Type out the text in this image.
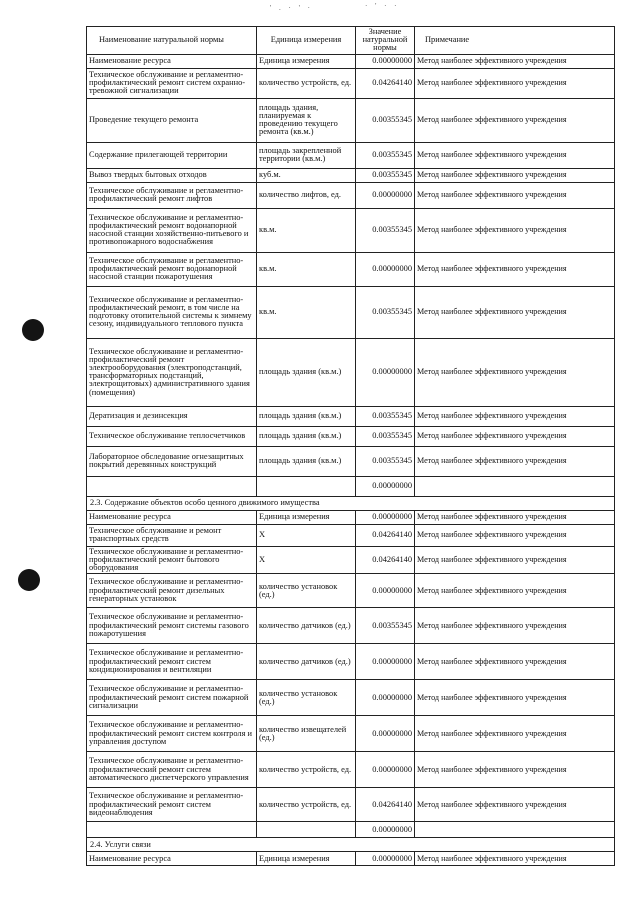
' . · ' ·	· ' · ·
Наименование натуральной нормы	Единица измерения	Значение натуральной нормы	Примечание
Наименование ресурса	Единица измерения	0.00000000	Метод наиболее эффективного учреждения
Техническое обслуживание и регламентно-профилактический ремонт систем охранно-тревожной сигнализации	количество устройств, ед.	0.04264140	Метод наиболее эффективного учреждения
Проведение текущего ремонта	площадь здания, планируемая к проведению текущего ремонта (кв.м.)	0.00355345	Метод наиболее эффективного учреждения
Содержание прилегающей территории	площадь закрепленной территории (кв.м.)	0.00355345	Метод наиболее эффективного учреждения
Вывоз твердых бытовых отходов	куб.м.	0.00355345	Метод наиболее эффективного учреждения
Техническое обслуживание и регламентно-профилактический ремонт лифтов	количество лифтов, ед.	0.00000000	Метод наиболее эффективного учреждения
Техническое обслуживание и регламентно-профилактический ремонт водонапорной насосной станции хозяйственно-питьевого и противопожарного водоснабжения	кв.м.	0.00355345	Метод наиболее эффективного учреждения
Техническое обслуживание и регламентно-профилактический ремонт водонапорной насосной станции пожаротушения	кв.м.	0.00000000	Метод наиболее эффективного учреждения
Техническое обслуживание и регламентно-профилактический ремонт, в том числе на подготовку отопительной системы к зимнему сезону, индивидуального теплового пункта	кв.м.	0.00355345	Метод наиболее эффективного учреждения
Техническое обслуживание и регламентно-профилактический ремонт электрооборудования (электроподстанций, трансформаторных подстанций, электрощитовых) административного здания (помещения)	площадь здания (кв.м.)	0.00000000	Метод наиболее эффективного учреждения
Дератизация и дезинсекция	площадь здания (кв.м.)	0.00355345	Метод наиболее эффективного учреждения
Техническое обслуживание теплосчетчиков	площадь здания (кв.м.)	0.00355345	Метод наиболее эффективного учреждения
Лабораторное обследование огнезащитных покрытий деревянных конструкций	площадь здания (кв.м.)	0.00355345	Метод наиболее эффективного учреждения
		0.00000000	
2.3. Содержание объектов особо ценного движимого имущества			
Наименование ресурса	Единица измерения	0.00000000	Метод наиболее эффективного учреждения
Техническое обслуживание и ремонт транспортных средств	X	0.04264140	Метод наиболее эффективного учреждения
Техническое обслуживание и регламентно-профилактический ремонт бытового оборудования	X	0.04264140	Метод наиболее эффективного учреждения
Техническое обслуживание и регламентно-профилактический ремонт дизельных генераторных установок	количество установок (ед.)	0.00000000	Метод наиболее эффективного учреждения
Техническое обслуживание и регламентно-профилактический ремонт системы газового пожаротушения	количество датчиков (ед.)	0.00355345	Метод наиболее эффективного учреждения
Техническое обслуживание и регламентно-профилактический ремонт систем кондиционирования и вентиляции	количество датчиков (ед.)	0.00000000	Метод наиболее эффективного учреждения
Техническое обслуживание и регламентно-профилактический ремонт систем пожарной сигнализации	количество установок (ед.)	0.00000000	Метод наиболее эффективного учреждения
Техническое обслуживание и регламентно-профилактический ремонт систем контроля и управления доступом	количество извещателей (ед.)	0.00000000	Метод наиболее эффективного учреждения
Техническое обслуживание и регламентно-профилактический ремонт систем автоматического диспетчерского управления	количество устройств, ед.	0.00000000	Метод наиболее эффективного учреждения
Техническое обслуживание и регламентно-профилактический ремонт систем видеонаблюдения	количество устройств, ед.	0.04264140	Метод наиболее эффективного учреждения
		0.00000000	
2.4. Услуги связи			
Наименование ресурса	Единица измерения	0.00000000	Метод наиболее эффективного учреждения
